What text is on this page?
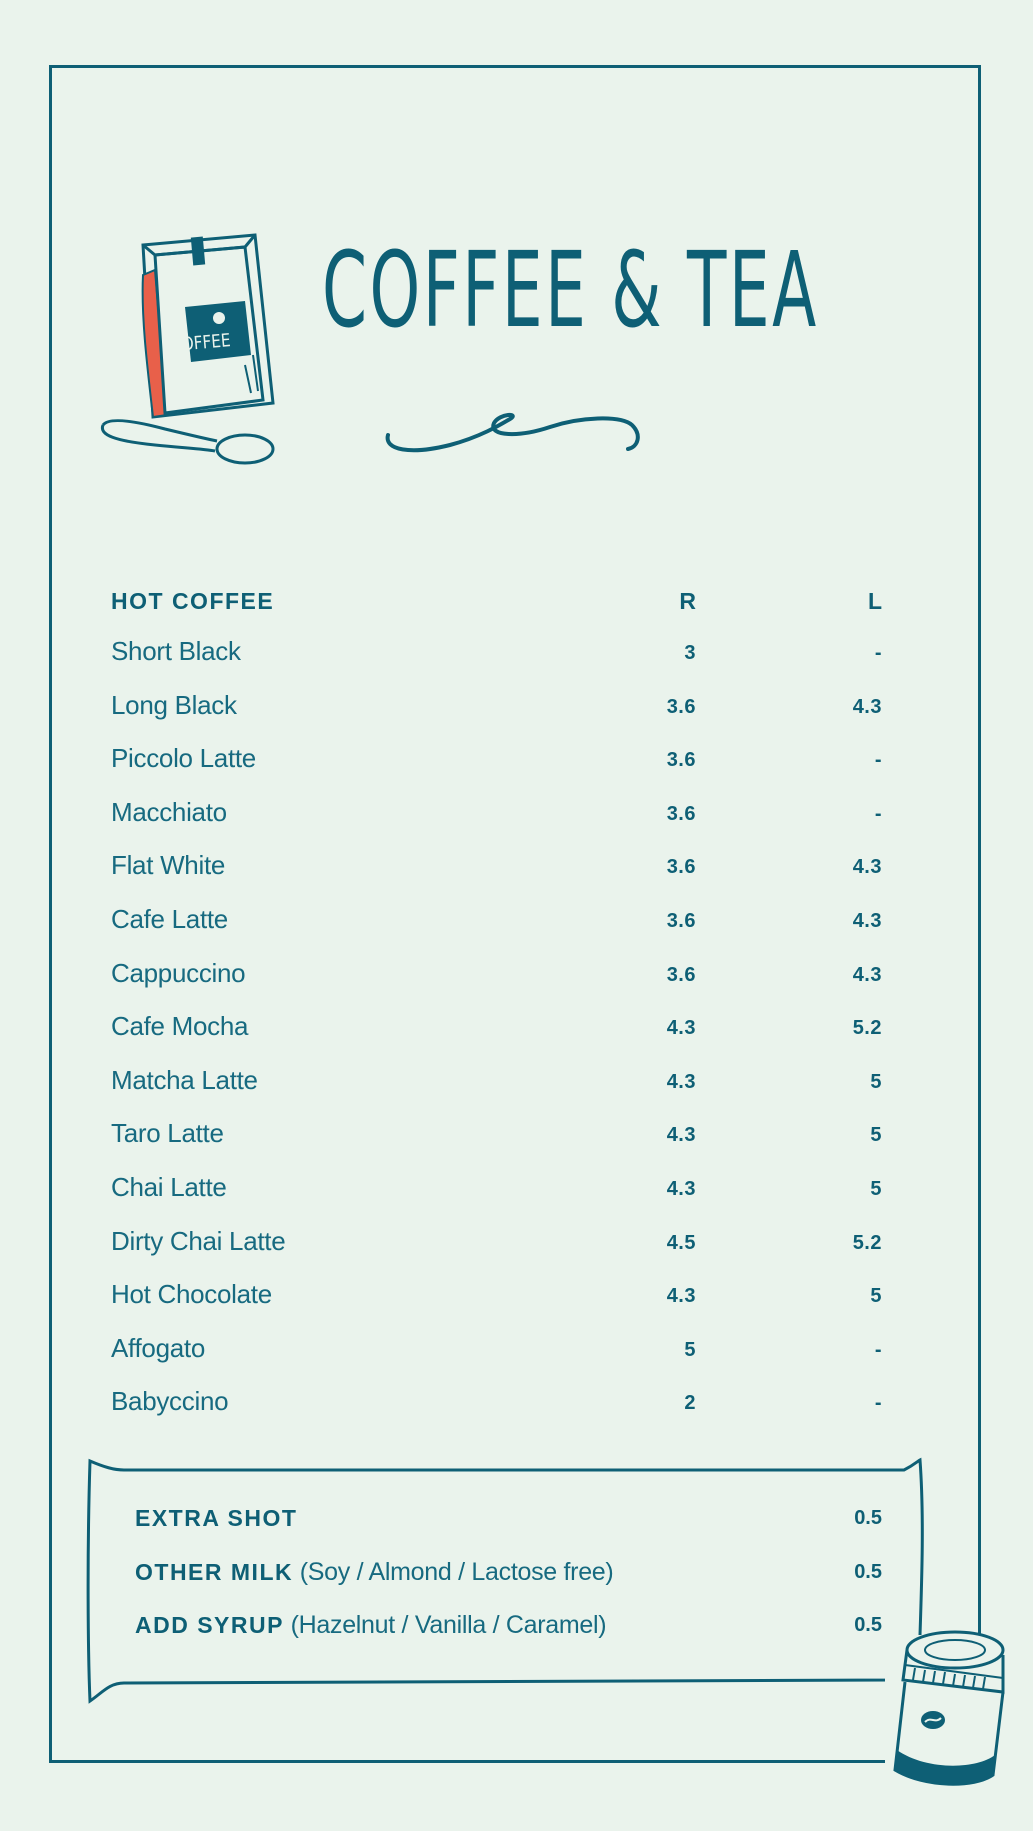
COFFEE COFFEE & TEA
HOT COFFEE	R	L
Short Black	3	-
Long Black	3.6	4.3
Piccolo Latte	3.6	-
Macchiato	3.6	-
Flat White	3.6	4.3
Cafe Latte	3.6	4.3
Cappuccino	3.6	4.3
Cafe Mocha	4.3	5.2
Matcha Latte	4.3	5
Taro Latte	4.3	5
Chai Latte	4.3	5
Dirty Chai Latte	4.5	5.2
Hot Chocolate	4.3	5
Affogato	5	-
Babyccino	2	-
EXTRA SHOT	0.5
OTHER MILK (Soy / Almond / Lactose free)	0.5
ADD SYRUP (Hazelnut / Vanilla / Caramel)	0.5
